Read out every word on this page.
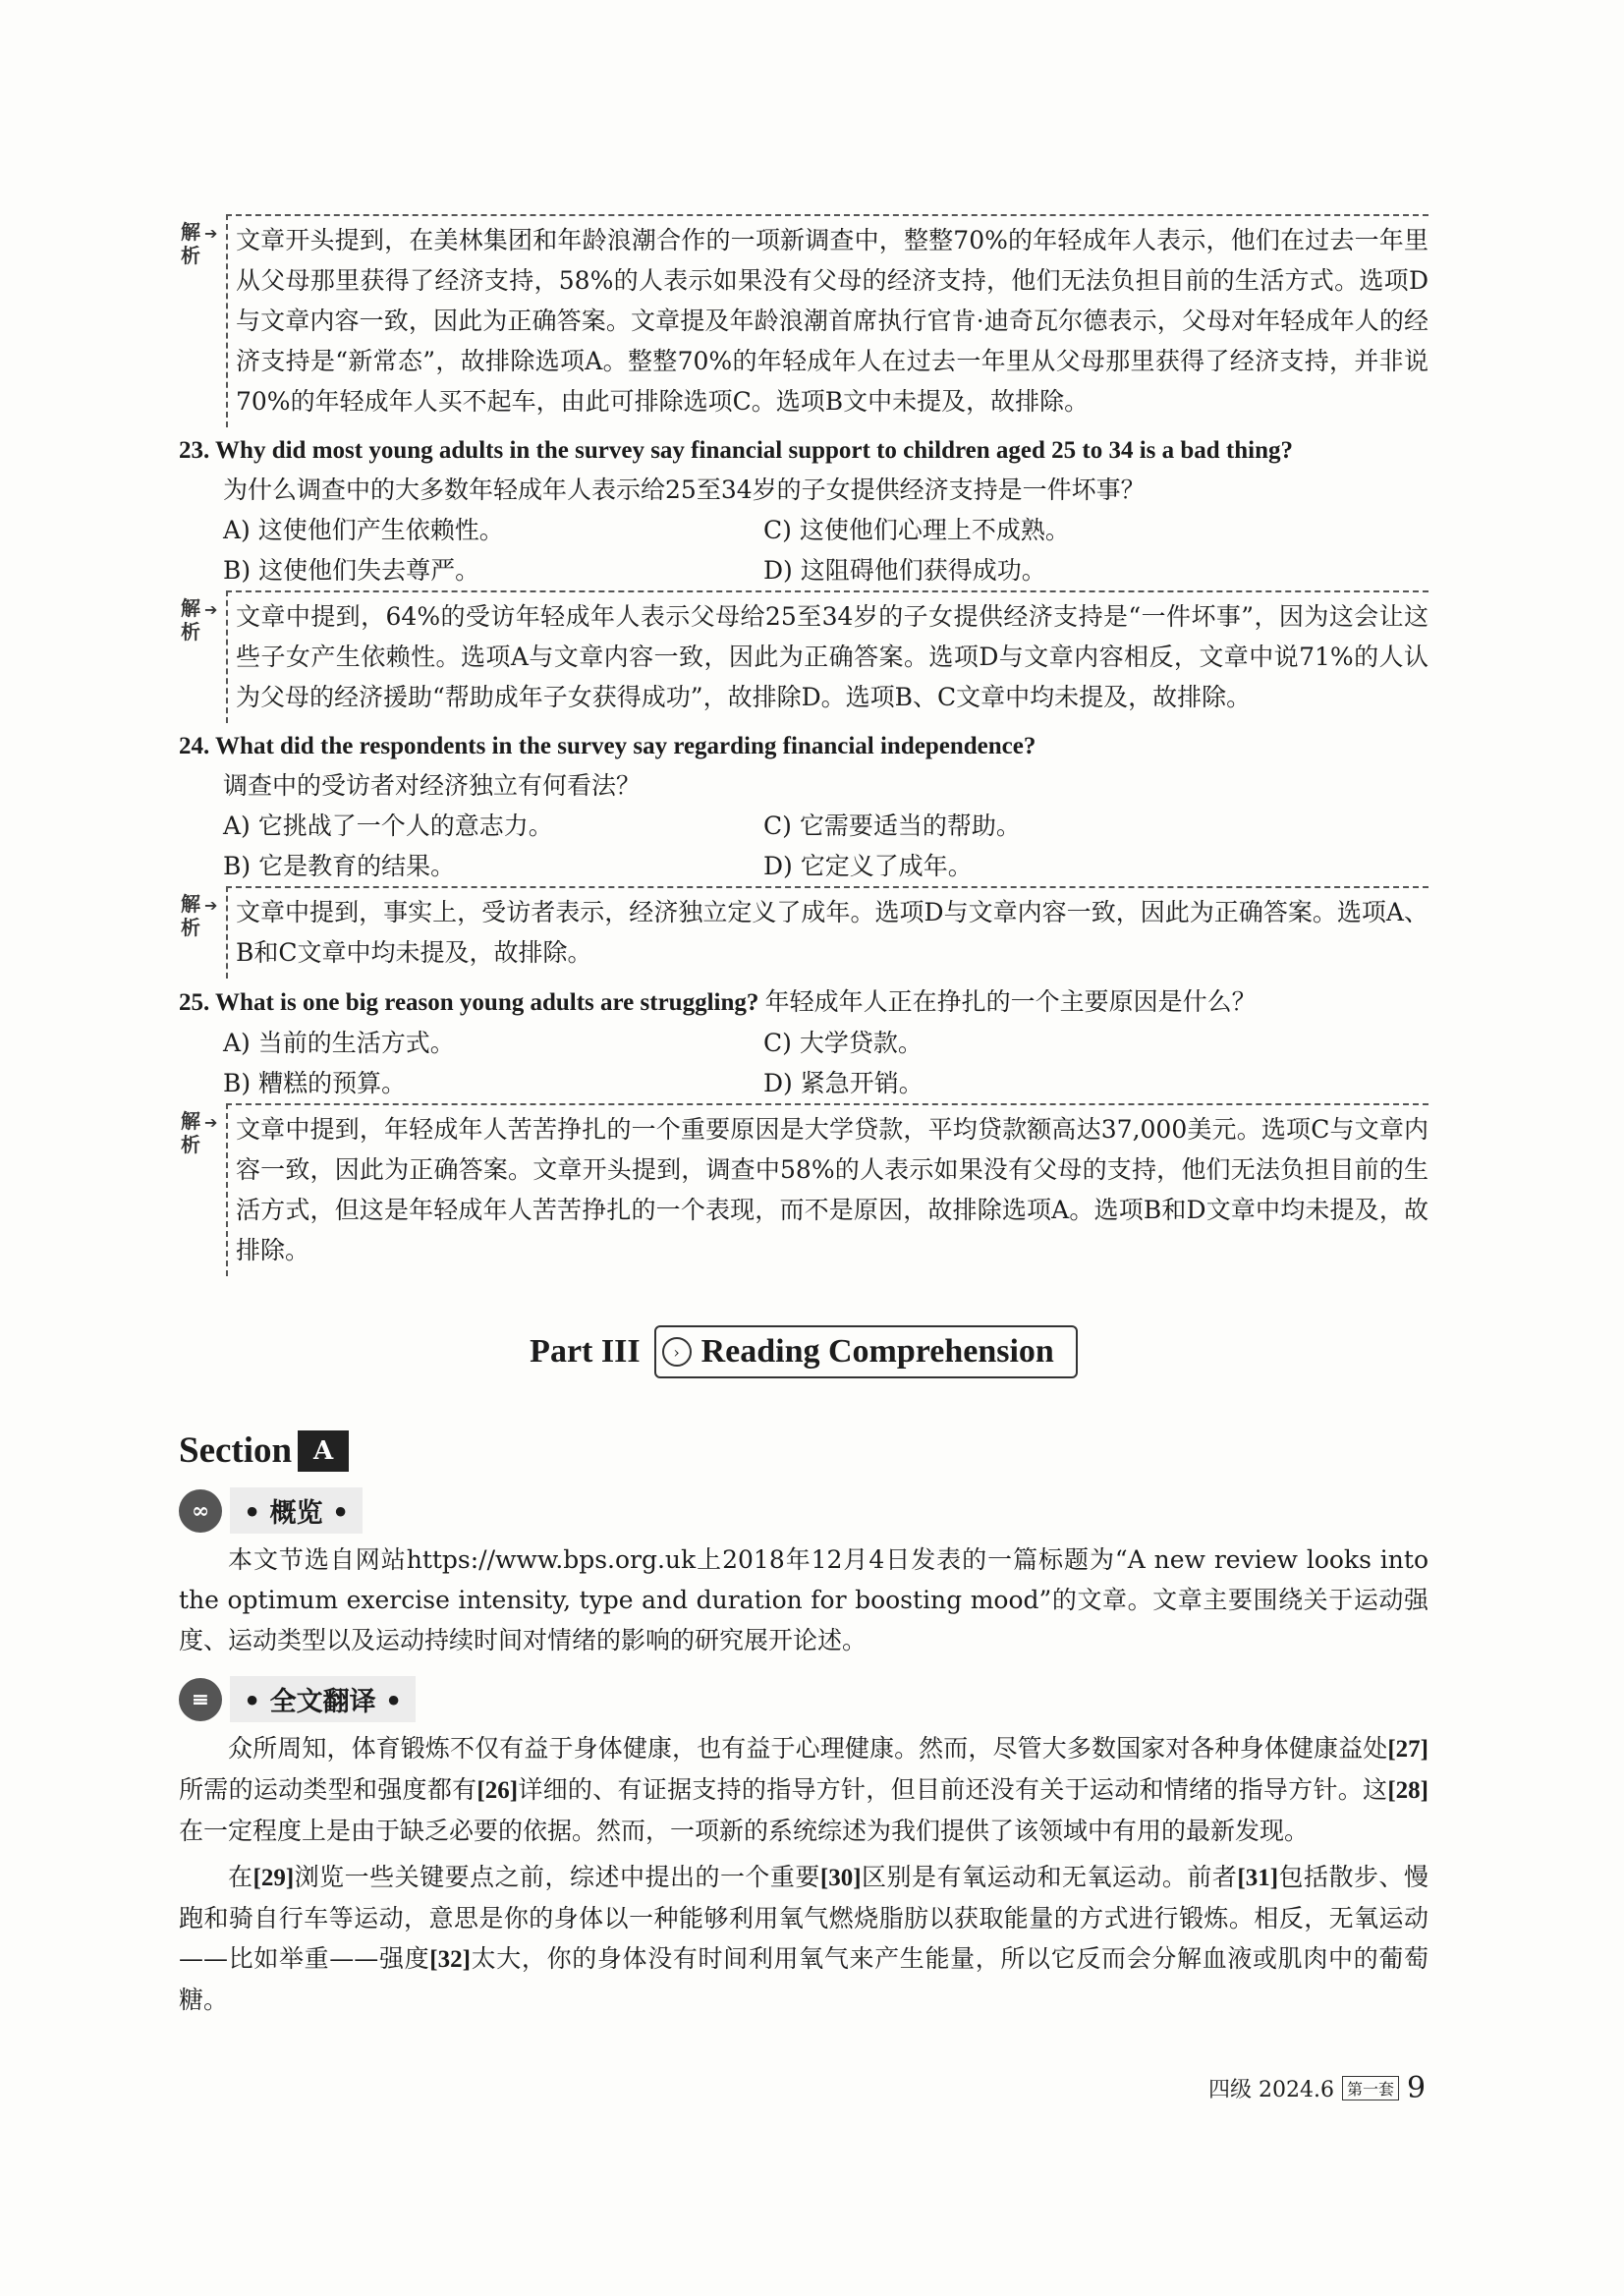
解析
➔ 文章开头提到，在美林集团和年龄浪潮合作的一项新调查中，整整70%的年轻成年人表示，他们在过去一年里从父母那里获得了经济支持，58%的人表示如果没有父母的经济支持，他们无法负担目前的生活方式。选项D与文章内容一致，因此为正确答案。文章提及年龄浪潮首席执行官肯·迪奇瓦尔德表示，父母对年轻成年人的经济支持是“新常态”，故排除选项A。整整70%的年轻成年人在过去一年里从父母那里获得了经济支持，并非说70%的年轻成年人买不起车，由此可排除选项C。选项B文中未提及，故排除。
23. Why did most young adults in the survey say financial support to children aged 25 to 34 is a bad thing?
为什么调查中的大多数年轻成年人表示给25至34岁的子女提供经济支持是一件坏事？
A) 这使他们产生依赖性。	C) 这使他们心理上不成熟。
B) 这使他们失去尊严。	D) 这阻碍他们获得成功。
解析
➔ 文章中提到，64%的受访年轻成年人表示父母给25至34岁的子女提供经济支持是“一件坏事”，因为这会让这些子女产生依赖性。选项A与文章内容一致，因此为正确答案。选项D与文章内容相反，文章中说71%的人认为父母的经济援助“帮助成年子女获得成功”，故排除D。选项B、C文章中均未提及，故排除。
24. What did the respondents in the survey say regarding financial independence?
调查中的受访者对经济独立有何看法？
A) 它挑战了一个人的意志力。	C) 它需要适当的帮助。
B) 它是教育的结果。	D) 它定义了成年。
解析
➔ 文章中提到，事实上，受访者表示，经济独立定义了成年。选项D与文章内容一致，因此为正确答案。选项A、B和C文章中均未提及，故排除。
25. What is one big reason young adults are struggling? 年轻成年人正在挣扎的一个主要原因是什么？
A) 当前的生活方式。	C) 大学贷款。
B) 糟糕的预算。	D) 紧急开销。
解析
➔ 文章中提到，年轻成年人苦苦挣扎的一个重要原因是大学贷款，平均贷款额高达37,000美元。选项C与文章内容一致，因此为正确答案。文章开头提到，调查中58%的人表示如果没有父母的支持，他们无法负担目前的生活方式，但这是年轻成年人苦苦挣扎的一个表现，而不是原因，故排除选项A。选项B和D文章中均未提及，故排除。
Part III	› Reading Comprehension
Section A
∞	• 概览 •

本文节选自网站https://www.bps.org.uk上2018年12月4日发表的一篇标题为“A new review looks into the optimum exercise intensity, type and duration for boosting mood”的文章。文章主要围绕关于运动强度、运动类型以及运动持续时间对情绪的影响的研究展开论述。

≡	• 全文翻译 •

众所周知，体育锻炼不仅有益于身体健康，也有益于心理健康。然而，尽管大多数国家对各种身体健康益处[27]所需的运动类型和强度都有[26]详细的、有证据支持的指导方针，但目前还没有关于运动和情绪的指导方针。这[28]在一定程度上是由于缺乏必要的依据。然而，一项新的系统综述为我们提供了该领域中有用的最新发现。

在[29]浏览一些关键要点之前，综述中提出的一个重要[30]区别是有氧运动和无氧运动。前者[31]包括散步、慢跑和骑自行车等运动，意思是你的身体以一种能够利用氧气燃烧脂肪以获取能量的方式进行锻炼。相反，无氧运动——比如举重——强度[32]太大，你的身体没有时间利用氧气来产生能量，所以它反而会分解血液或肌肉中的葡萄糖。

四级 2024.6 第一套 9
